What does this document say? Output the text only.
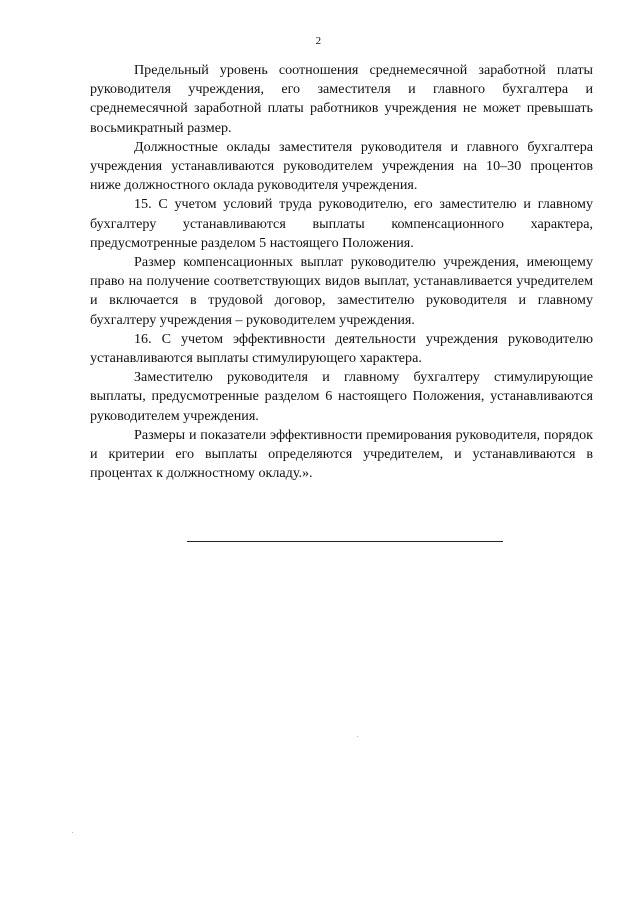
2

Предельный уровень соотношения среднемесячной заработной платы руководителя учреждения, его заместителя и главного бухгалтера и среднемесячной заработной платы работников учреждения не может превышать восьмикратный размер.

Должностные оклады заместителя руководителя и главного бухгалтера учреждения устанавливаются руководителем учреждения на 10–30 процентов ниже должностного оклада руководителя учреждения.

15. С учетом условий труда руководителю, его заместителю и главному бухгалтеру устанавливаются выплаты компенсационного характера, предусмотренные разделом 5 настоящего Положения.

Размер компенсационных выплат руководителю учреждения, имеющему право на получение соответствующих видов выплат, устанавливается учредителем и включается в трудовой договор, заместителю руководителя и главному бухгалтеру учреждения – руководителем учреждения.

16. С учетом эффективности деятельности учреждения руководителю устанавливаются выплаты стимулирующего характера.

Заместителю руководителя и главному бухгалтеру стимулирующие выплаты, предусмотренные разделом 6 настоящего Положения, устанавливаются руководителем учреждения.

Размеры и показатели эффективности премирования руководителя, порядок и критерии его выплаты определяются учредителем, и устанавливаются в процентах к должностному окладу.».
